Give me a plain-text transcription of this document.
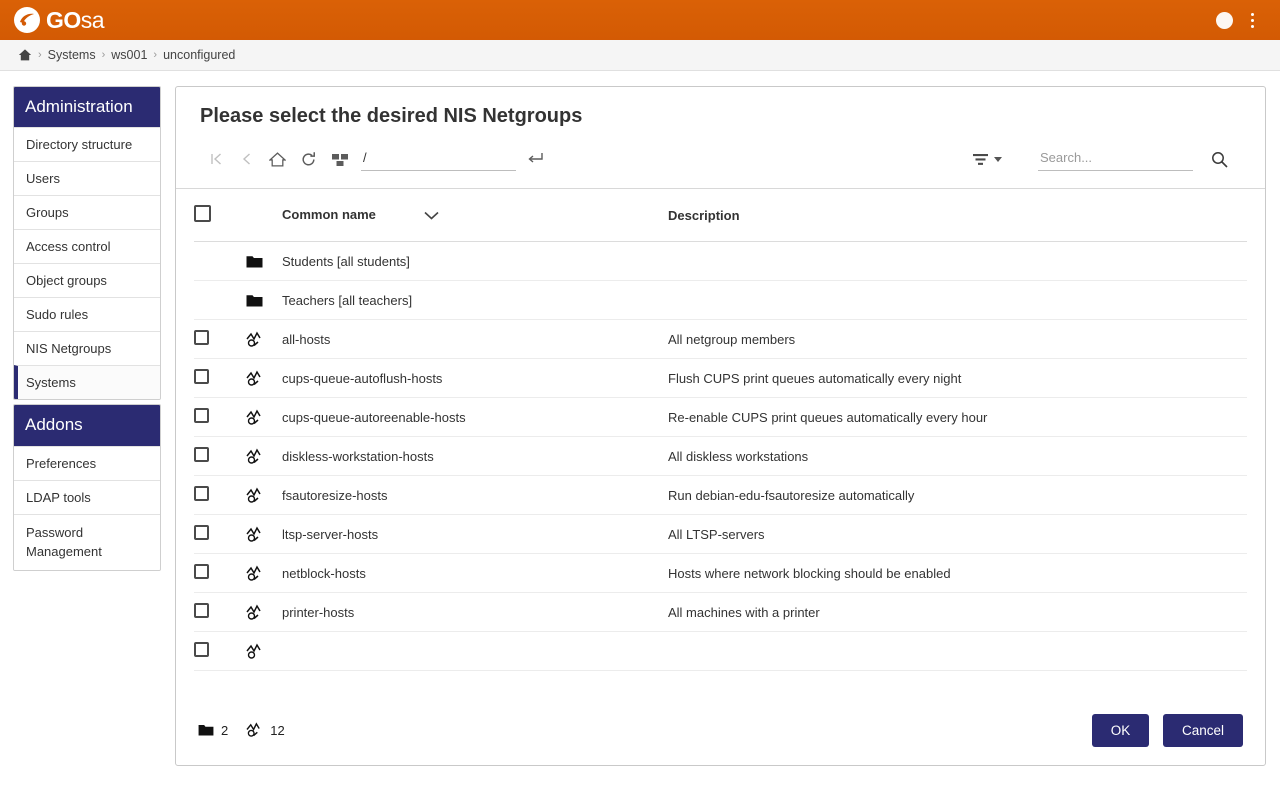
GOsa
› Systems › ws001 › unconfigured
Administration
Directory structure
Users
Groups
Access control
Object groups
Sudo rules
NIS Netgroups
Systems
Addons
Preferences
LDAP tools
Password Management
Please select the desired NIS Netgroups
/
Search...
		Common name	Description

	Students [all students]	

	Teachers [all teachers]	

	all-hosts	All netgroup members

	cups-queue-autoflush-hosts	Flush CUPS print queues automatically every night

	cups-queue-autoreenable-hosts	Re-enable CUPS print queues automatically every hour

	diskless-workstation-hosts	All diskless workstations

	fsautoresize-hosts	Run debian-edu-fsautoresize automatically

	ltsp-server-hosts	All LTSP-servers

	netblock-hosts	Hosts where network blocking should be enabled

	printer-hosts	All machines with a printer

2	12	OK	Cancel
